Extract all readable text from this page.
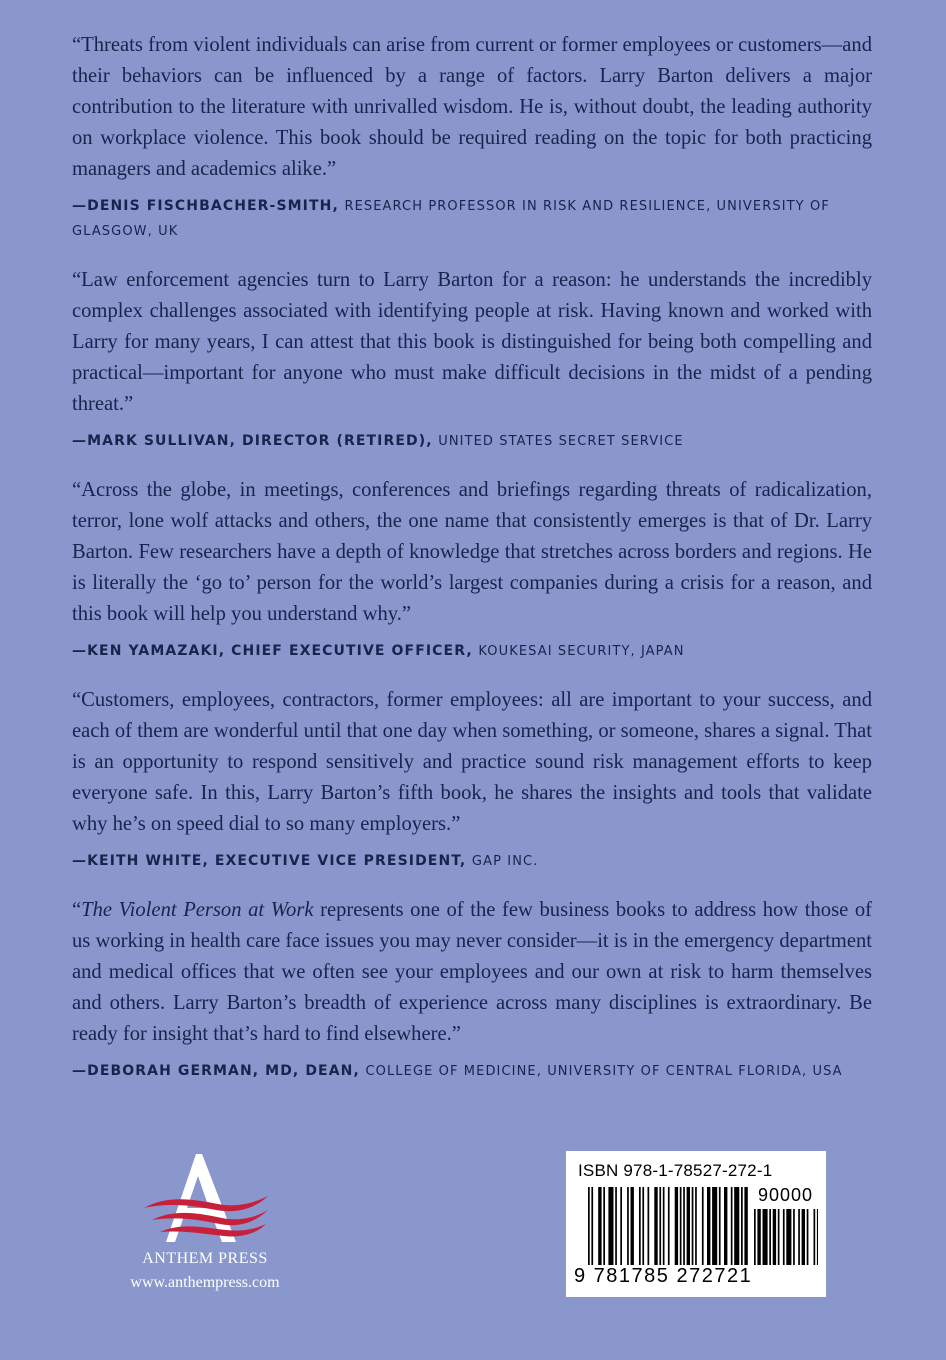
“Threats from violent individuals can arise from current or former employees or customers—and their behaviors can be influenced by a range of factors. Larry Barton delivers a major contribution to the literature with unrivalled wisdom. He is, without doubt, the leading authority on workplace violence. This book should be required reading on the topic for both practicing managers and academics alike.”

—DENIS FISCHBACHER-SMITH, RESEARCH PROFESSOR IN RISK AND RESILIENCE, UNIVERSITY OF GLASGOW, UK

“Law enforcement agencies turn to Larry Barton for a reason: he understands the incredibly complex challenges associated with identifying people at risk. Having known and worked with Larry for many years, I can attest that this book is distinguished for being both compelling and practical—important for anyone who must make difficult decisions in the midst of a pending threat.”

—MARK SULLIVAN, DIRECTOR (RETIRED), UNITED STATES SECRET SERVICE

“Across the globe, in meetings, conferences and briefings regarding threats of radicalization, terror, lone wolf attacks and others, the one name that consistently emerges is that of Dr. Larry Barton. Few researchers have a depth of knowledge that stretches across borders and regions. He is literally the ‘go to’ person for the world’s largest companies during a crisis for a reason, and this book will help you understand why.”

—KEN YAMAZAKI, CHIEF EXECUTIVE OFFICER, KOUKESAI SECURITY, JAPAN

“Customers, employees, contractors, former employees: all are important to your success, and each of them are wonderful until that one day when something, or someone, shares a signal. That is an opportunity to respond sensitively and practice sound risk management efforts to keep everyone safe. In this, Larry Barton’s fifth book, he shares the insights and tools that validate why he’s on speed dial to so many employers.”

—KEITH WHITE, EXECUTIVE VICE PRESIDENT, GAP INC.

“The Violent Person at Work represents one of the few business books to address how those of us working in health care face issues you may never consider—it is in the emergency department and medical offices that we often see your employees and our own at risk to harm themselves and others. Larry Barton’s breadth of experience across many disciplines is extraordinary. Be ready for insight that’s hard to find elsewhere.”

—DEBORAH GERMAN, MD, DEAN, COLLEGE OF MEDICINE, UNIVERSITY OF CENTRAL FLORIDA, USA
ANTHEM PRESS
www.anthempress.com
ISBN 978-1-78527-272-1
90000
9 781785 272721
